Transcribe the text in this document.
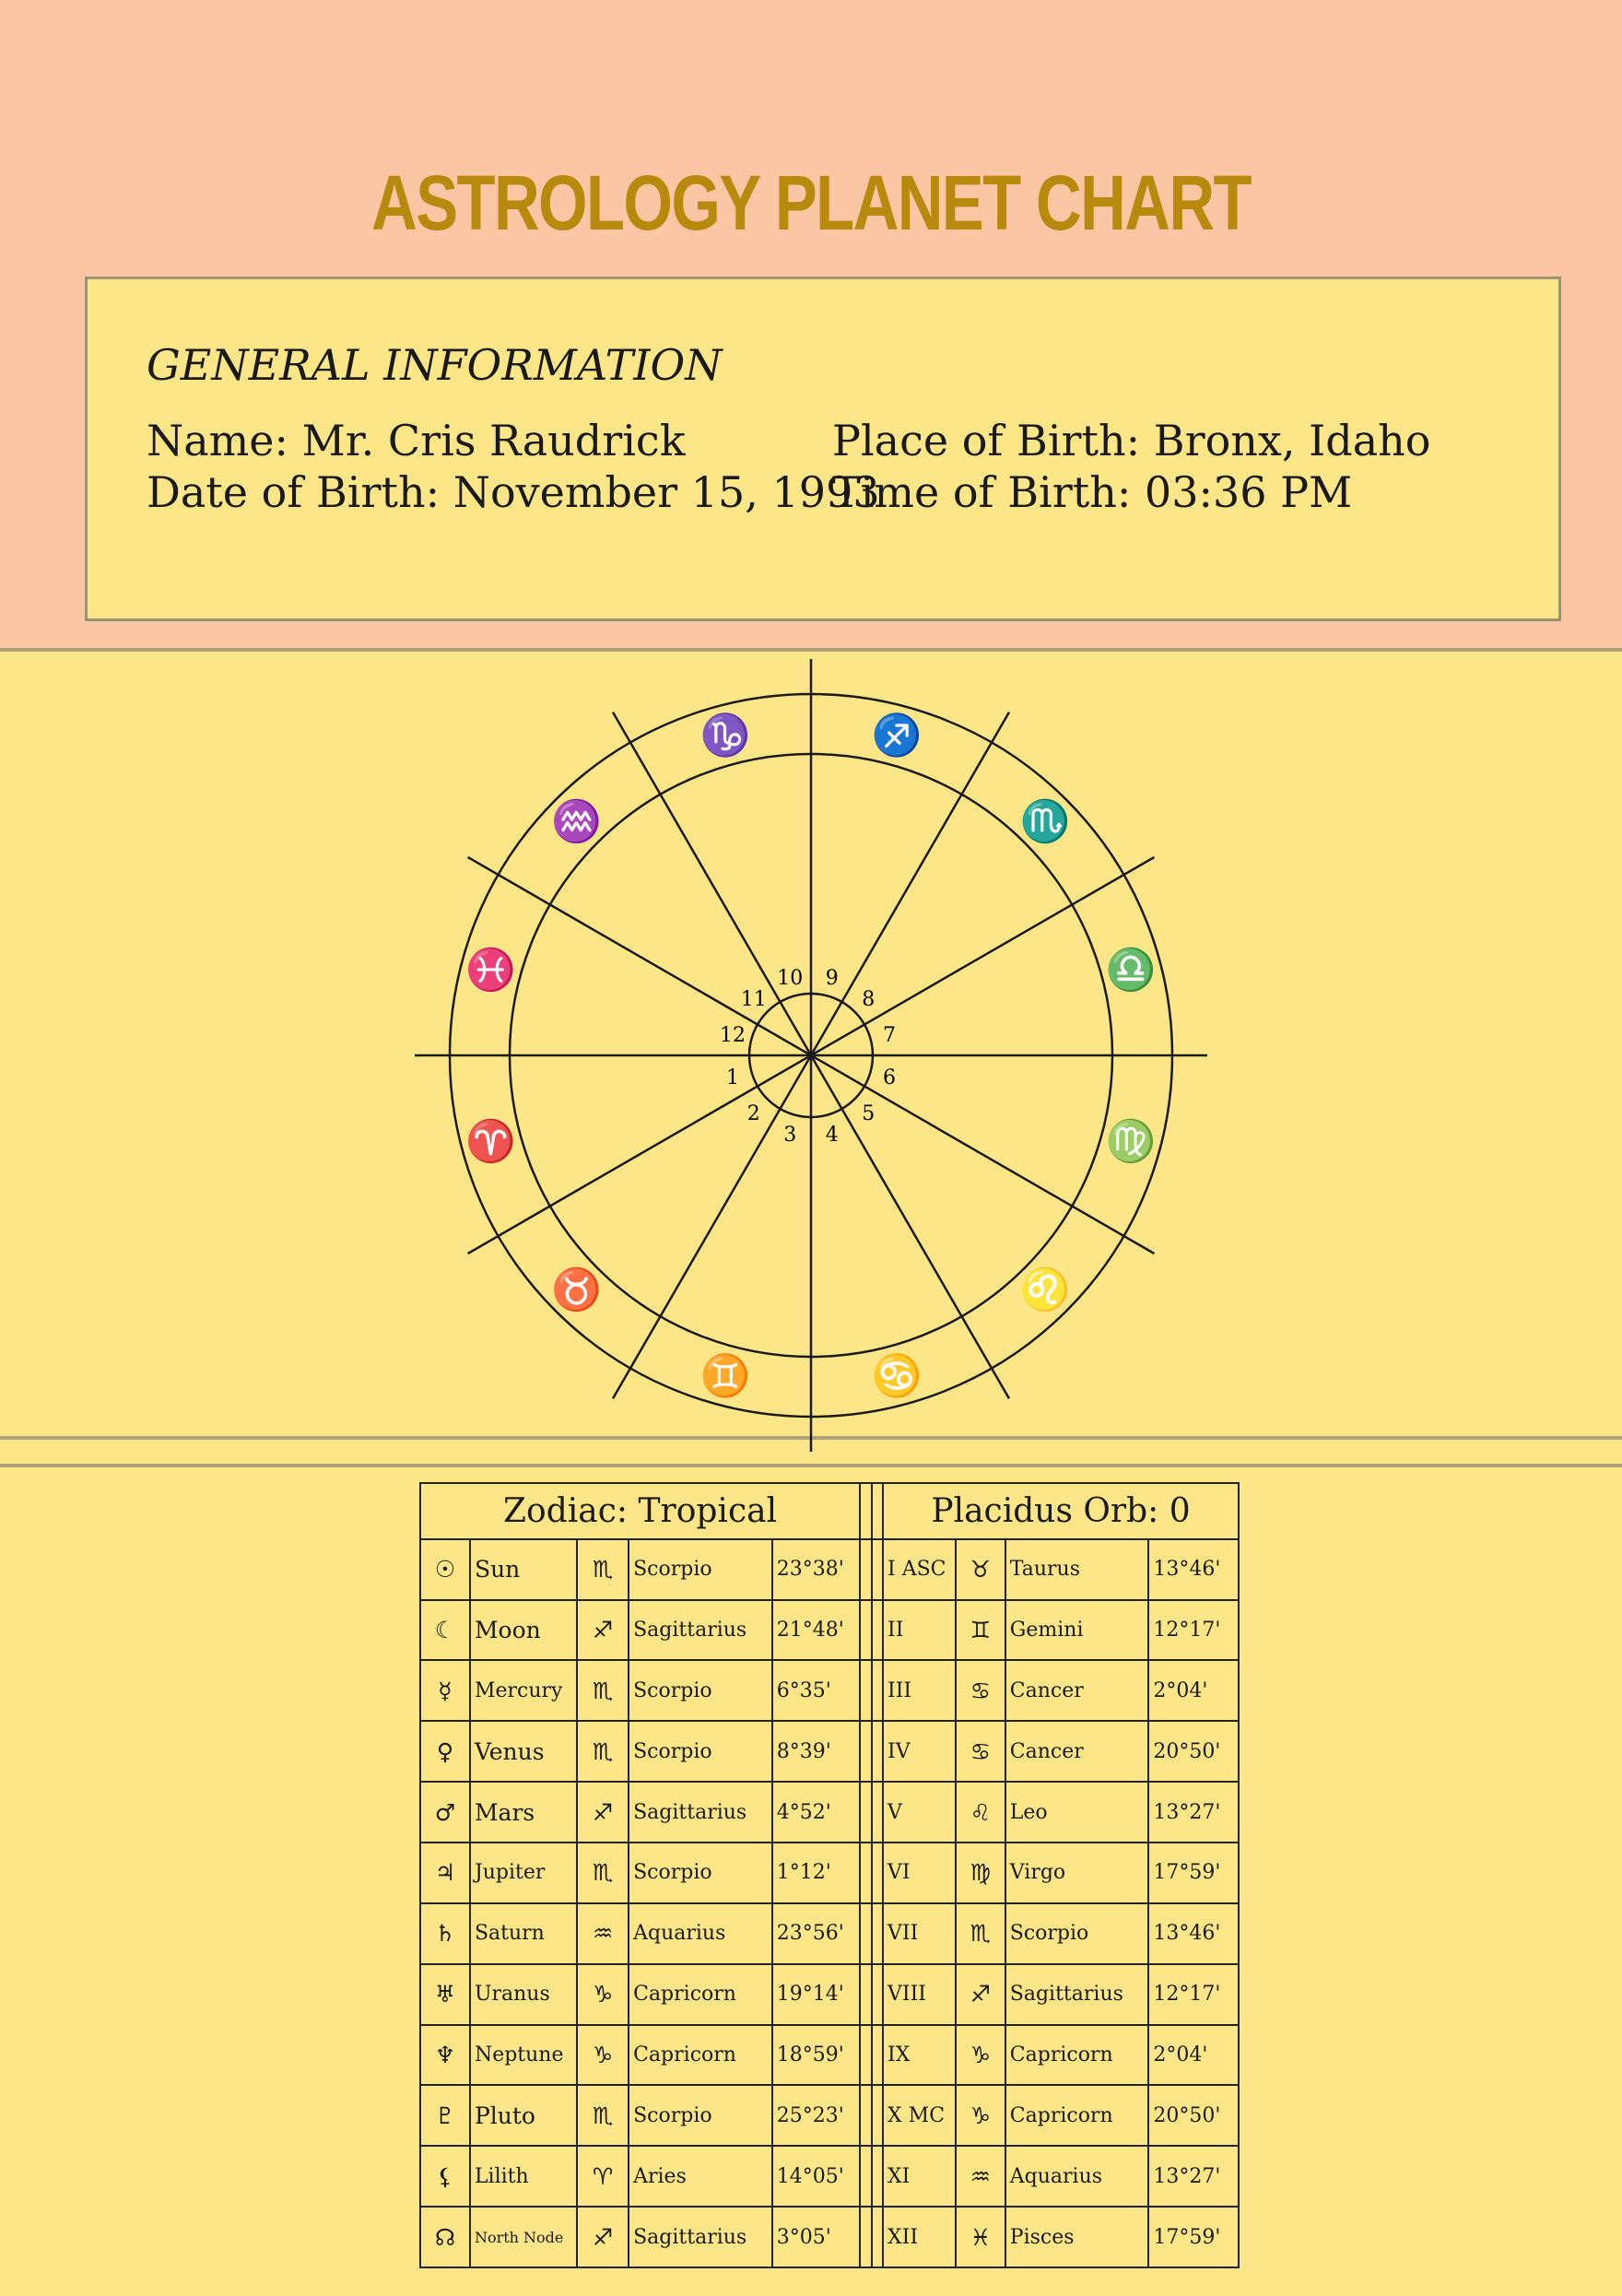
ASTROLOGY PLANET CHART
GENERAL INFORMATION
Name: Mr. Cris Raudrick
Date of Birth: November 15, 1993
Place of Birth: Bronx, Idaho
Time of Birth: 03:36 PM
1
2
3 4
5
6
7
8
9
10
11
12
♑	♐
♏
♎
♍
♌
♋
♊
♉
♈
♓
♒
Zodiac: Tropical							Placidus Orb: 0			
☉	Sun	♏	Scorpio	23°38'			I ASC	♉	Taurus	13°46'
☾	Moon	♐	Sagittarius	21°48'			II	♊	Gemini	12°17'
☿	Mercury	♏	Scorpio	6°35'			III	♋	Cancer	2°04'
♀	Venus	♏	Scorpio	8°39'			IV	♋	Cancer	20°50'
♂	Mars	♐	Sagittarius	4°52'			V	♌	Leo	13°27'
♃	Jupiter	♏	Scorpio	1°12'			VI	♍	Virgo	17°59'
♄	Saturn	♒	Aquarius	23°56'			VII	♏	Scorpio	13°46'
♅	Uranus	♑	Capricorn	19°14'			VIII	♐	Sagittarius	12°17'
♆	Neptune	♑	Capricorn	18°59'			IX	♑	Capricorn	2°04'
♇	Pluto	♏	Scorpio	25°23'			X MC	♑	Capricorn	20°50'
⚸	Lilith	♈	Aries	14°05'			XI	♒	Aquarius	13°27'
☊	North Node	♐	Sagittarius	3°05'			XII	♓	Pisces	17°59'
